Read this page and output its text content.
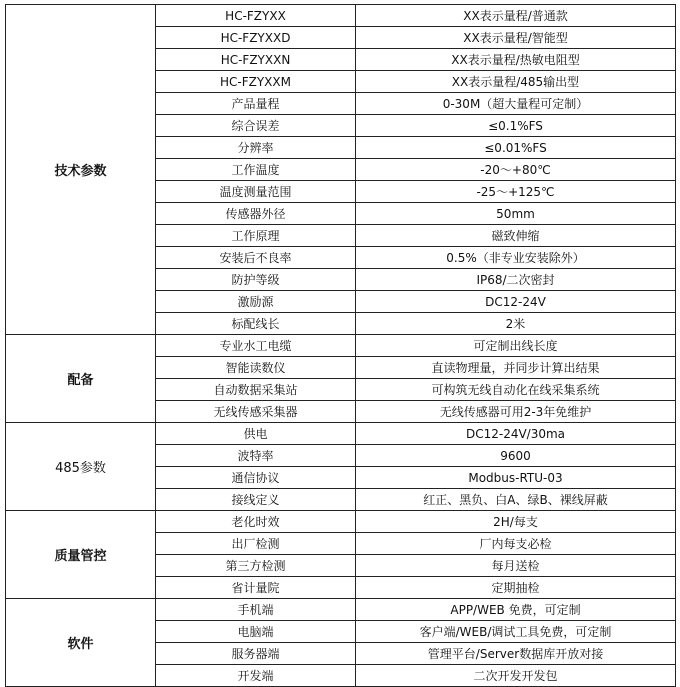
技术参数	HC-FZYXX	XX表示量程/普通款
	HC-FZYXXD	XX表示量程/智能型
	HC-FZYXXN	XX表示量程/热敏电阻型
	HC-FZYXXM	XX表示量程/485输出型
	产品量程	0-30M（超大量程可定制）
	综合误差	≤0.1%FS
	分辨率	≤0.01%FS
	工作温度	-20～+80℃
	温度测量范围	-25～+125℃
	传感器外径	50mm
	工作原理	磁致伸缩
	安装后不良率	0.5%（非专业安装除外）
	防护等级	IP68/二次密封
	激励源	DC12-24V
	标配线长	2米
配备	专业水工电缆	可定制出线长度
	智能读数仪	直读物理量，并同步计算出结果
	自动数据采集站	可构筑无线自动化在线采集系统
	无线传感采集器	无线传感器可用2-3年免维护
485参数	供电	DC12-24V/30ma
	波特率	9600
	通信协议	Modbus-RTU-03
	接线定义	红正、黑负、白A、绿B、裸线屏蔽
质量管控	老化时效	2H/每支
	出厂检测	厂内每支必检
	第三方检测	每月送检
	省计量院	定期抽检
软件	手机端	APP/WEB 免费，可定制
	电脑端	客户端/WEB/调试工具免费，可定制
	服务器端	管理平台/Server数据库开放对接
	开发端	二次开发开发包
